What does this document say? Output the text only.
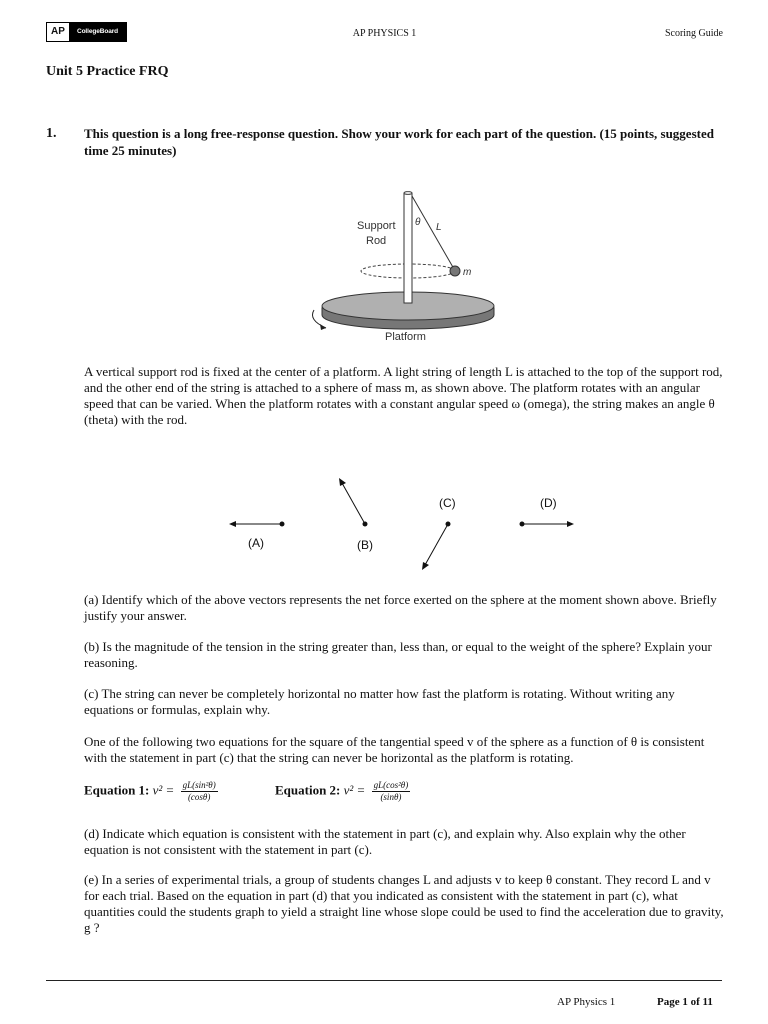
AP	CollegeBoard	AP PHYSICS 1	Scoring Guide
Unit 5 Practice FRQ
1. This question is a long free-response question. Show your work for each part of the question. (15 points, suggested time 25 minutes)
Support
Rod
θ L
m
Platform
A vertical support rod is fixed at the center of a platform. A light string of length L is attached to the top of the support rod, and the other end of the string is attached to a sphere of mass m, as shown above. The platform rotates with an angular speed that can be varied. When the platform rotates with a constant angular speed ω (omega), the string makes an angle θ (theta) with the rod.
(A)	(B)
(C)	(D)
(a) Identify which of the above vectors represents the net force exerted on the sphere at the moment shown above. Briefly justify your answer.
(b) Is the magnitude of the tension in the string greater than, less than, or equal to the weight of the sphere? Explain your reasoning.
(c) The string can never be completely horizontal no matter how fast the platform is rotating. Without writing any equations or formulas, explain why.
One of the following two equations for the square of the tangential speed v of the sphere as a function of θ is consistent with the statement in part (c) that the string can never be horizontal as the platform is rotating.
Equation 1: $v^2 = \frac{\text{gL(sin²θ)}}{(\cos\theta)}$	Equation 2: $v^2 = \frac{\text{gL(cos²θ)}}{(\sin\theta)}$
(d) Indicate which equation is consistent with the statement in part (c), and explain why. Also explain why the other equation is not consistent with the statement in part (c).
(e) In a series of experimental trials, a group of students changes L and adjusts v to keep θ constant. They record L and v for each trial. Based on the equation in part (d) that you indicated as consistent with the statement in part (c), what quantities could the students graph to yield a straight line whose slope could be used to find the acceleration due to gravity, g ?
AP Physics 1	Page 1 of 11
